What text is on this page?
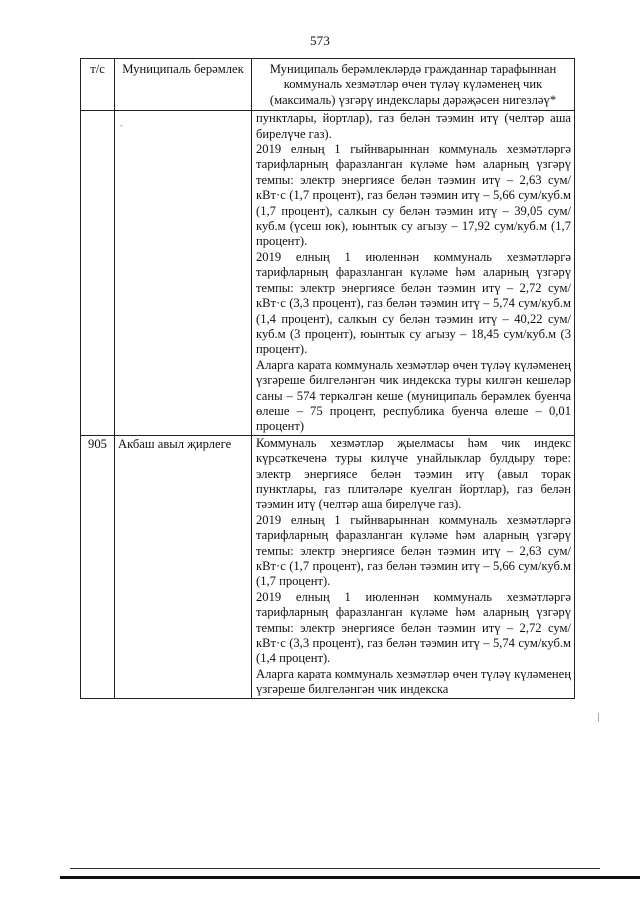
573
т/с	Муниципаль берәмлек	Муниципаль берәмлекләрдә гражданнар тарафыннан коммуналь хезмәтләр өчен түләү күләменең чик (максималь) үзгәрү индекслары дәрәҗәсен нигезләү*
	-	пунктлары, йортлар), газ белән тәэмин итү (челтәр аша бирелүче газ).

2019 елның 1 гыйнварыннан коммуналь хезмәтләргә тарифларның фаразланган күләме һәм аларның үзгәрү темпы: электр энергиясе белән тәэмин итү – 2,63 сум/кВт·с (1,7 процент), газ белән тәэмин итү – 5,66 сум/куб.м (1,7 процент), салкын су белән тәэмин итү – 39,05 сум/куб.м (үсеш юк), юынтык су агызу – 17,92 сум/куб.м (1,7 процент).

2019 елның 1 июленнән коммуналь хезмәтләргә тарифларның фаразланган күләме һәм аларның үзгәрү темпы: электр энергиясе белән тәэмин итү – 2,72 сум/кВт·с (3,3 процент), газ белән тәэмин итү – 5,74 сум/куб.м (1,4 процент), салкын су белән тәэмин итү – 40,22 сум/куб.м (3 процент), юынтык су агызу – 18,45 сум/куб.м (3 процент).

Аларга карата коммуналь хезмәтләр өчен түләү күләменең үзгәреше билгеләнгән чик индекска туры килгән кешеләр саны – 574 теркәлгән кеше (муниципаль берәмлек буенча өлеше – 75 процент, республика буенча өлеше – 0,01 процент)

905	Акбаш авыл җирлеге	Коммуналь хезмәтләр җыелмасы һәм чик индекс күрсәткеченә туры килүче унайлыклар булдыру төре: электр энергиясе белән тәэмин итү (авыл торак пунктлары, газ плитәләре куелган йортлар), газ белән тәэмин итү (челтәр аша бирелүче газ).

2019 елның 1 гыйнварыннан коммуналь хезмәтләргә тарифларның фаразланган күләме һәм аларның үзгәрү темпы: электр энергиясе белән тәэмин итү – 2,63 сум/кВт·с (1,7 процент), газ белән тәэмин итү – 5,66 сум/куб.м (1,7 процент).

2019 елның 1 июленнән коммуналь хезмәтләргә тарифларның фаразланган күләме һәм аларның үзгәрү темпы: электр энергиясе белән тәэмин итү – 2,72 сум/кВт·с (3,3 процент), газ белән тәэмин итү – 5,74 сум/куб.м (1,4 процент).

Аларга карата коммуналь хезмәтләр өчен түләү күләменең үзгәреше билгеләнгән чик индекска
